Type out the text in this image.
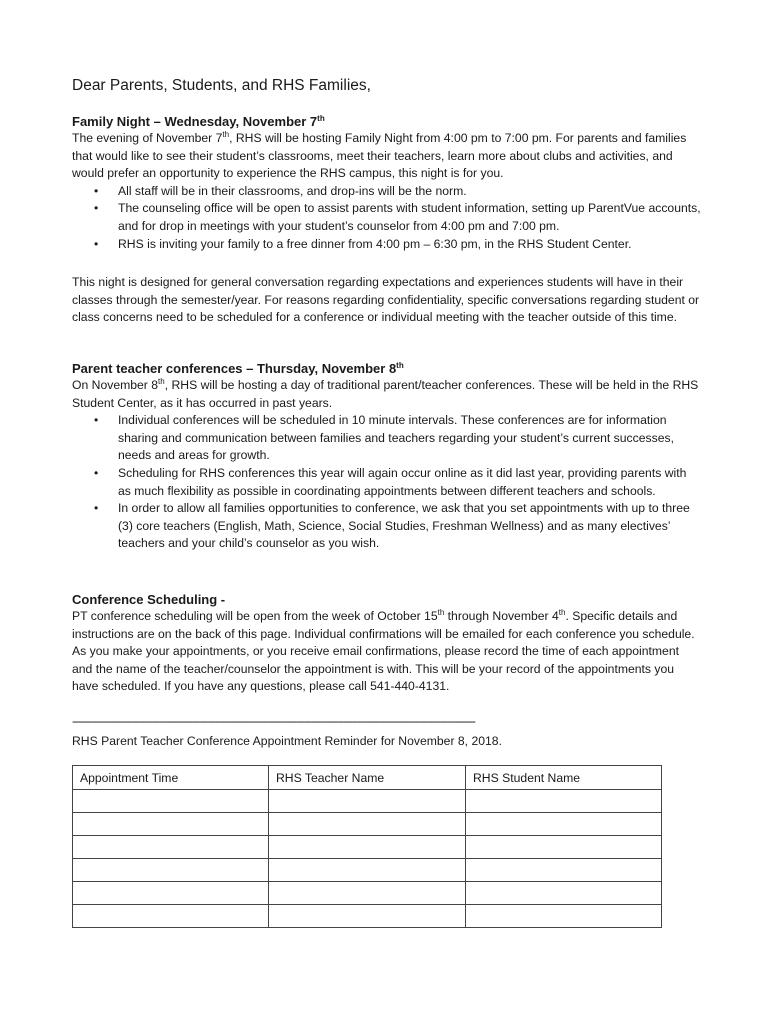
Dear Parents, Students, and RHS Families,
Family Night – Wednesday, November 7th

The evening of November 7th, RHS will be hosting Family Night from 4:00 pm to 7:00 pm. For parents and families that would like to see their student’s classrooms, meet their teachers, learn more about clubs and activities, and would prefer an opportunity to experience the RHS campus, this night is for you.

• All staff will be in their classrooms, and drop-ins will be the norm.
• The counseling office will be open to assist parents with student information, setting up ParentVue accounts, and for drop in meetings with your student’s counselor from 4:00 pm and 7:00 pm.
• RHS is inviting your family to a free dinner from 4:00 pm – 6:30 pm, in the RHS Student Center.

This night is designed for general conversation regarding expectations and experiences students will have in their classes through the semester/year. For reasons regarding confidentiality, specific conversations regarding student or class concerns need to be scheduled for a conference or individual meeting with the teacher outside of this time.

Parent teacher conferences – Thursday, November 8th

On November 8th, RHS will be hosting a day of traditional parent/teacher conferences. These will be held in the RHS Student Center, as it has occurred in past years.

• Individual conferences will be scheduled in 10 minute intervals. These conferences are for information sharing and communication between families and teachers regarding your student’s current successes, needs and areas for growth.
• Scheduling for RHS conferences this year will again occur online as it did last year, providing parents with as much flexibility as possible in coordinating appointments between different teachers and schools.
• In order to allow all families opportunities to conference, we ask that you set appointments with up to three (3) core teachers (English, Math, Science, Social Studies, Freshman Wellness) and as many electives’ teachers and your child’s counselor as you wish.
Conference Scheduling -

PT conference scheduling will be open from the week of October 15th through November 4th. Specific details and instructions are on the back of this page. Individual confirmations will be emailed for each conference you schedule. As you make your appointments, or you receive email confirmations, please record the time of each appointment and the name of the teacher/counselor the appointment is with. This will be your record of the appointments you have scheduled. If you have any questions, please call 541-440-4131.

------------------------------------------------------------------------------------------------------------------------------------------------
RHS Parent Teacher Conference Appointment Reminder for November 8, 2018.
Appointment Time	RHS Teacher Name	RHS Student Name
